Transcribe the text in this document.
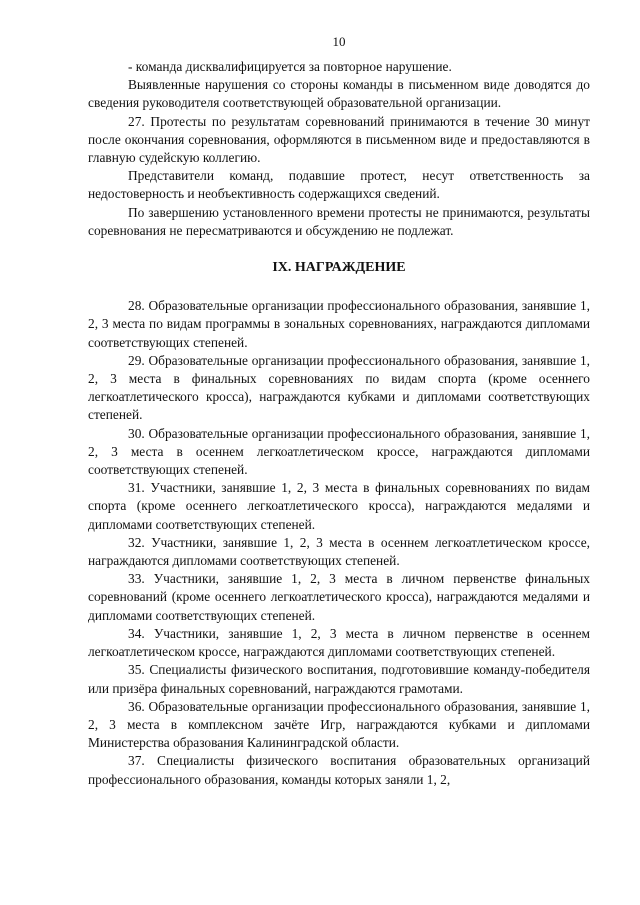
10

- команда дисквалифицируется за повторное нарушение.

Выявленные нарушения со стороны команды в письменном виде доводятся до сведения руководителя соответствующей образовательной организации.

27. Протесты по результатам соревнований принимаются в течение 30 минут после окончания соревнования, оформляются в письменном виде и предоставляются в главную судейскую коллегию.

Представители команд, подавшие протест, несут ответственность за недостоверность и необъективность содержащихся сведений.

По завершению установленного времени протесты не принимаются, результаты соревнования не пересматриваются и обсуждению не подлежат.

IX. НАГРАЖДЕНИЕ

28. Образовательные организации профессионального образования, занявшие 1, 2, 3 места по видам программы в зональных соревнованиях, награждаются дипломами соответствующих степеней.

29. Образовательные организации профессионального образования, занявшие 1, 2, 3 места в финальных соревнованиях по видам спорта (кроме осеннего легкоатлетического кросса), награждаются кубками и дипломами соответствующих степеней.

30. Образовательные организации профессионального образования, занявшие 1, 2, 3 места в осеннем легкоатлетическом кроссе, награждаются дипломами соответствующих степеней.

31. Участники, занявшие 1, 2, 3 места в финальных соревнованиях по видам спорта (кроме осеннего легкоатлетического кросса), награждаются медалями и дипломами соответствующих степеней.

32. Участники, занявшие 1, 2, 3 места в осеннем легкоатлетическом кроссе, награждаются дипломами соответствующих степеней.

33. Участники, занявшие 1, 2, 3 места в личном первенстве финальных соревнований (кроме осеннего легкоатлетического кросса), награждаются медалями и дипломами соответствующих степеней.

34. Участники, занявшие 1, 2, 3 места в личном первенстве в осеннем легкоатлетическом кроссе, награждаются дипломами соответствующих степеней.

35. Специалисты физического воспитания, подготовившие команду-победителя или призёра финальных соревнований, награждаются грамотами.

36. Образовательные организации профессионального образования, занявшие 1, 2, 3 места в комплексном зачёте Игр, награждаются кубками и дипломами Министерства образования Калининградской области.

37. Специалисты физического воспитания образовательных организаций профессионального образования, команды которых заняли 1, 2,
